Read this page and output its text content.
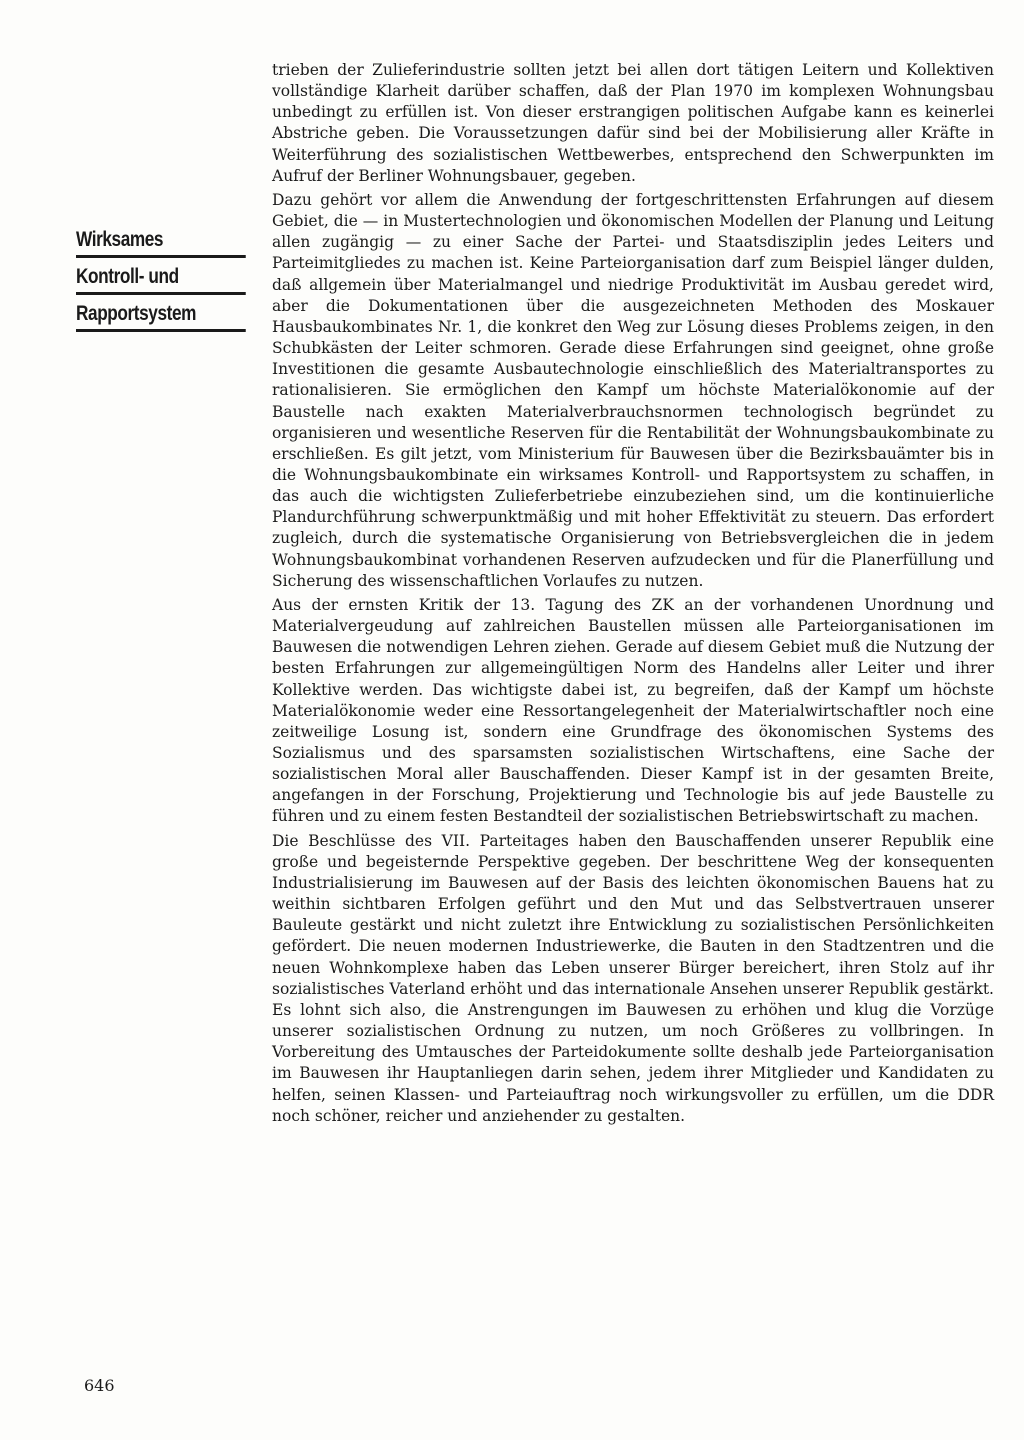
Wirksames
Kontroll- und
Rapportsystem

trieben der Zulieferindustrie sollten jetzt bei allen dort tätigen Leitern und Kollektiven vollständige Klarheit darüber schaffen, daß der Plan 1970 im komplexen Wohnungsbau unbedingt zu erfüllen ist. Von dieser erstrangigen politischen Aufgabe kann es keinerlei Abstriche geben. Die Voraussetzungen dafür sind bei der Mobilisierung aller Kräfte in Weiterführung des sozialistischen Wettbewerbes, entsprechend den Schwerpunkten im Aufruf der Berliner Wohnungsbauer, gegeben.

Dazu gehört vor allem die Anwendung der fortgeschrittensten Erfahrungen auf diesem Gebiet, die — in Mustertechnologien und ökonomischen Modellen der Planung und Leitung allen zugängig — zu einer Sache der Partei- und Staatsdisziplin jedes Leiters und Parteimitgliedes zu machen ist. Keine Parteiorganisation darf zum Beispiel länger dulden, daß allgemein über Materialmangel und niedrige Produktivität im Ausbau geredet wird, aber die Dokumentationen über die ausgezeichneten Methoden des Moskauer Hausbaukombinates Nr. 1, die konkret den Weg zur Lösung dieses Problems zeigen, in den Schubkästen der Leiter schmoren. Gerade diese Erfahrungen sind geeignet, ohne große Investitionen die gesamte Ausbautechnologie einschließlich des Materialtransportes zu rationalisieren. Sie ermöglichen den Kampf um höchste Materialökonomie auf der Baustelle nach exakten Materialverbrauchsnormen technologisch begründet zu organisieren und wesentliche Reserven für die Rentabilität der Wohnungsbaukombinate zu erschließen. Es gilt jetzt, vom Ministerium für Bauwesen über die Bezirksbauämter bis in die Wohnungsbaukombinate ein wirksames Kontroll- und Rapportsystem zu schaffen, in das auch die wichtigsten Zulieferbetriebe einzubeziehen sind, um die kontinuierliche Plandurchführung schwerpunktmäßig und mit hoher Effektivität zu steuern. Das erfordert zugleich, durch die systematische Organisierung von Betriebsvergleichen die in jedem Wohnungsbaukombinat vorhandenen Reserven aufzudecken und für die Planerfüllung und Sicherung des wissenschaftlichen Vorlaufes zu nutzen.

Aus der ernsten Kritik der 13. Tagung des ZK an der vorhandenen Unordnung und Materialvergeudung auf zahlreichen Baustellen müssen alle Parteiorganisationen im Bauwesen die notwendigen Lehren ziehen. Gerade auf diesem Gebiet muß die Nutzung der besten Erfahrungen zur allgemeingültigen Norm des Handelns aller Leiter und ihrer Kollektive werden. Das wichtigste dabei ist, zu begreifen, daß der Kampf um höchste Materialökonomie weder eine Ressortangelegenheit der Materialwirtschaftler noch eine zeitweilige Losung ist, sondern eine Grundfrage des ökonomischen Systems des Sozialismus und des sparsamsten sozialistischen Wirtschaftens, eine Sache der sozialistischen Moral aller Bauschaffenden. Dieser Kampf ist in der gesamten Breite, angefangen in der Forschung, Projektierung und Technologie bis auf jede Baustelle zu führen und zu einem festen Bestandteil der sozialistischen Betriebswirtschaft zu machen.

Die Beschlüsse des VII. Parteitages haben den Bauschaffenden unserer Republik eine große und begeisternde Perspektive gegeben. Der beschrittene Weg der konsequenten Industrialisierung im Bauwesen auf der Basis des leichten ökonomischen Bauens hat zu weithin sichtbaren Erfolgen geführt und den Mut und das Selbstvertrauen unserer Bauleute gestärkt und nicht zuletzt ihre Entwicklung zu sozialistischen Persönlichkeiten gefördert. Die neuen modernen Industriewerke, die Bauten in den Stadtzentren und die neuen Wohnkomplexe haben das Leben unserer Bürger bereichert, ihren Stolz auf ihr sozialistisches Vaterland erhöht und das internationale Ansehen unserer Republik gestärkt. Es lohnt sich also, die Anstrengungen im Bauwesen zu erhöhen und klug die Vorzüge unserer sozialistischen Ordnung zu nutzen, um noch Größeres zu vollbringen. In Vorbereitung des Umtausches der Parteidokumente sollte deshalb jede Parteiorganisation im Bauwesen ihr Hauptanliegen darin sehen, jedem ihrer Mitglieder und Kandidaten zu helfen, seinen Klassen- und Parteiauftrag noch wirkungsvoller zu erfüllen, um die DDR noch schöner, reicher und anziehender zu gestalten.

646
